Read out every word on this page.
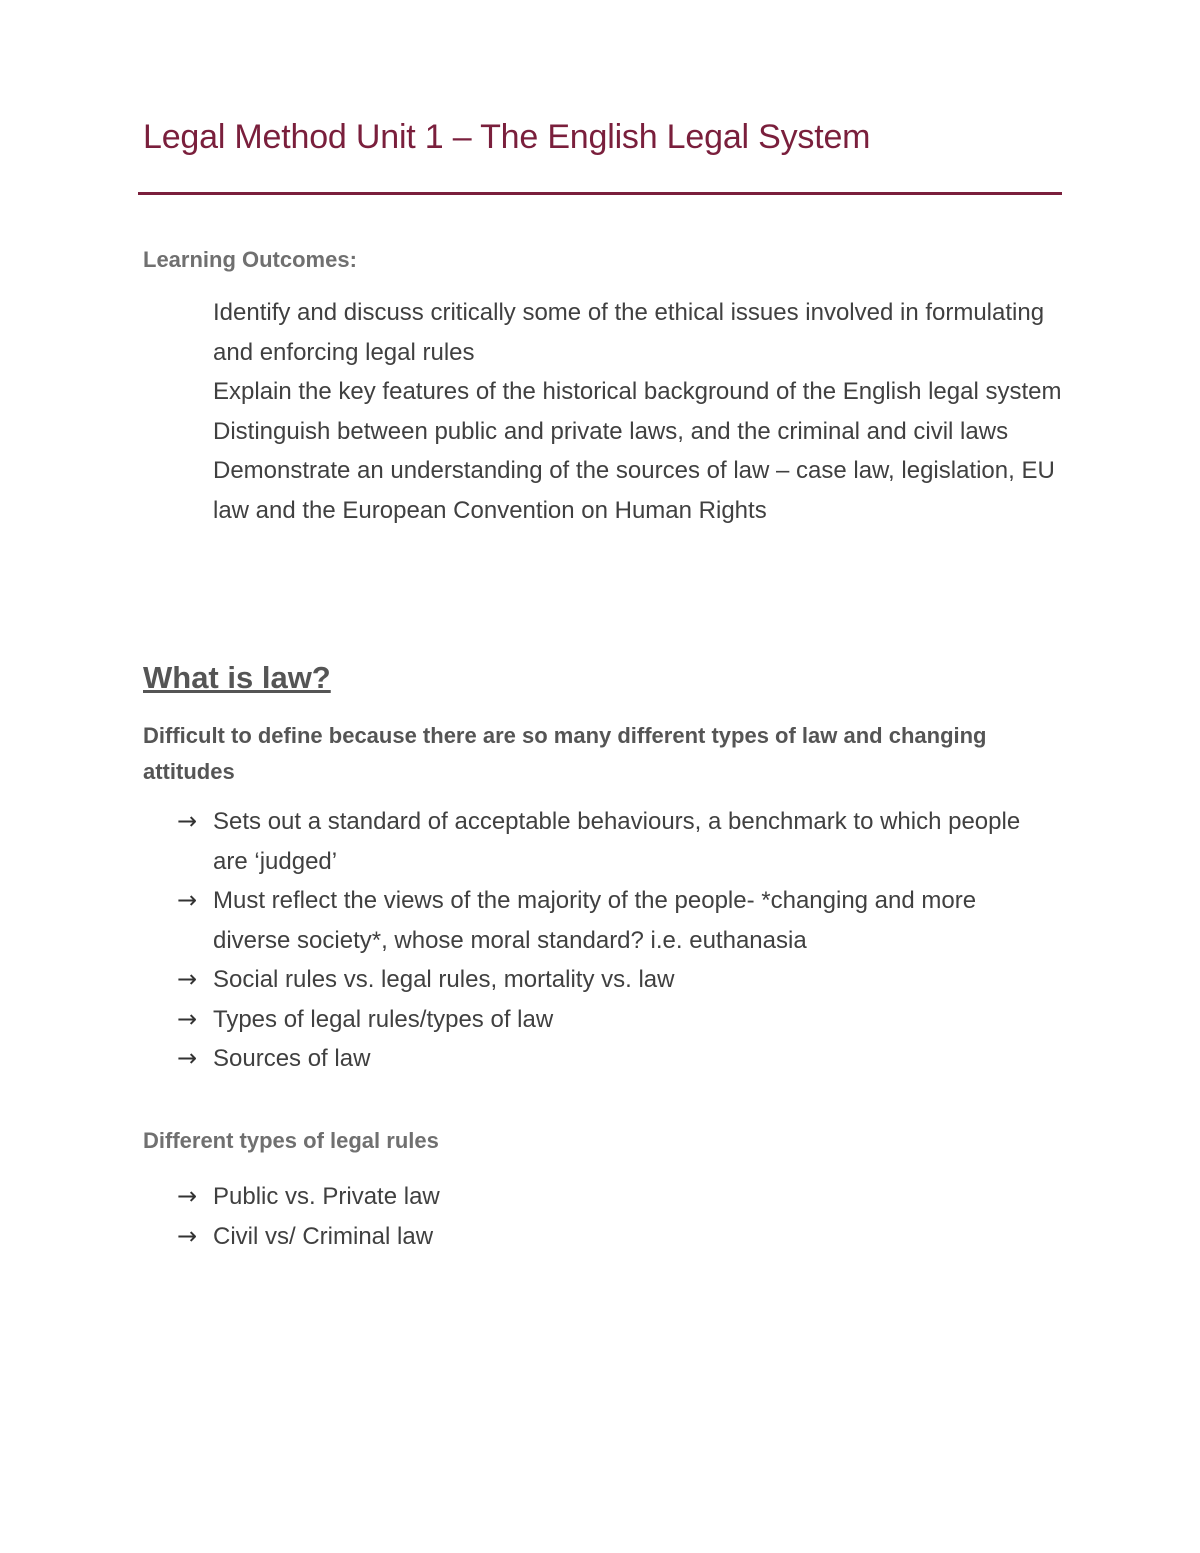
Legal Method Unit 1 – The English Legal System
Learning Outcomes:
Identify and discuss critically some of the ethical issues involved in formulating and enforcing legal rules
Explain the key features of the historical background of the English legal system
Distinguish between public and private laws, and the criminal and civil laws
Demonstrate an understanding of the sources of law – case law, legislation, EU law and the European Convention on Human Rights
What is law?
Difficult to define because there are so many different types of law and changing attitudes
→ Sets out a standard of acceptable behaviours, a benchmark to which people are ‘judged’
→ Must reflect the views of the majority of the people- *changing and more diverse society*, whose moral standard? i.e. euthanasia
→ Social rules vs. legal rules, mortality vs. law
→ Types of legal rules/types of law
→ Sources of law
Different types of legal rules
→ Public vs. Private law
→ Civil vs/ Criminal law
